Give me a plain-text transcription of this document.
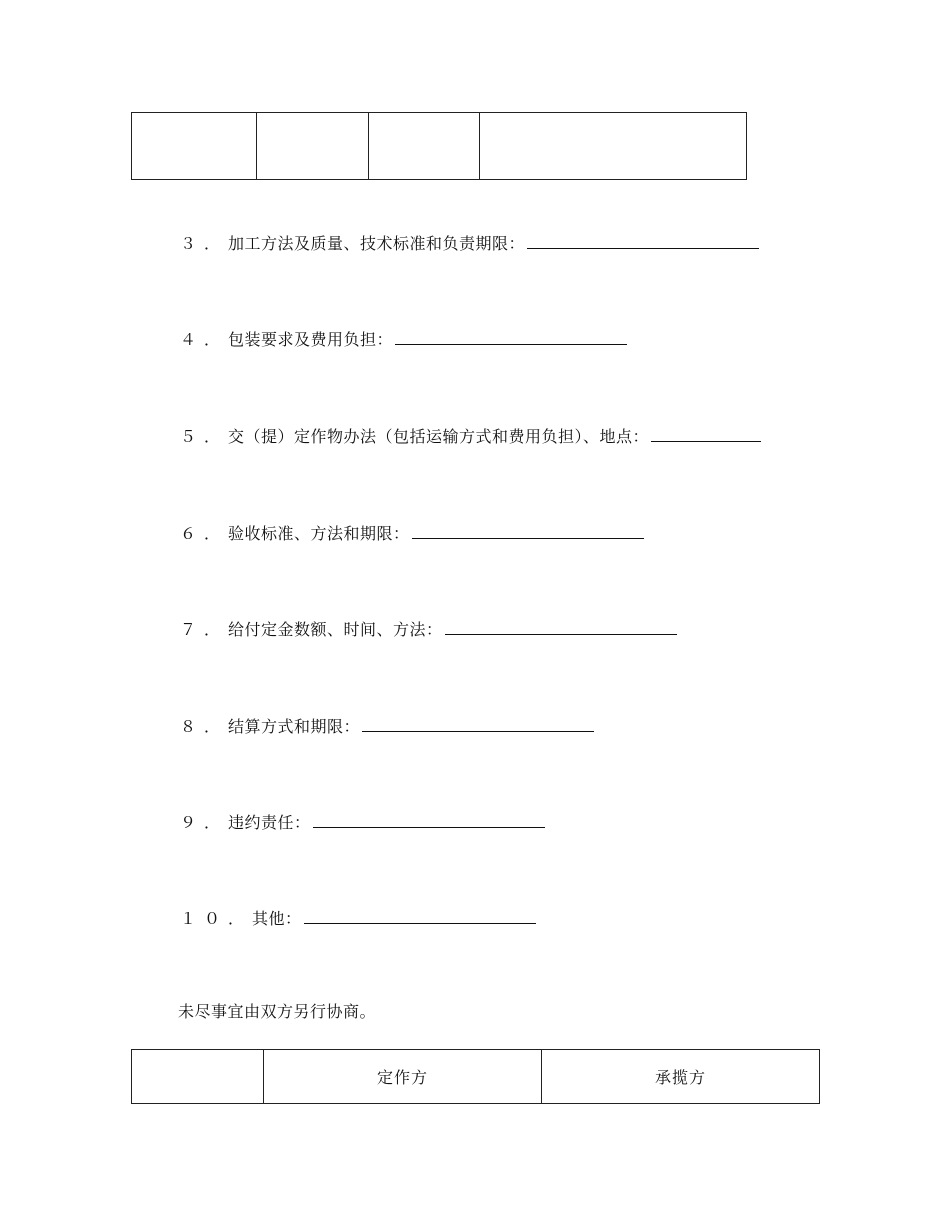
３．加工方法及质量、技术标准和负责期限：
４．包装要求及费用负担：
５．交（提）定作物办法（包括运输方式和费用负担）、地点：
６．验收标准、方法和期限：
７．给付定金数额、时间、方法：
８．结算方式和期限：
９．违约责任：
１０．其他：
未尽事宜由双方另行协商。
	定作方	承揽方
